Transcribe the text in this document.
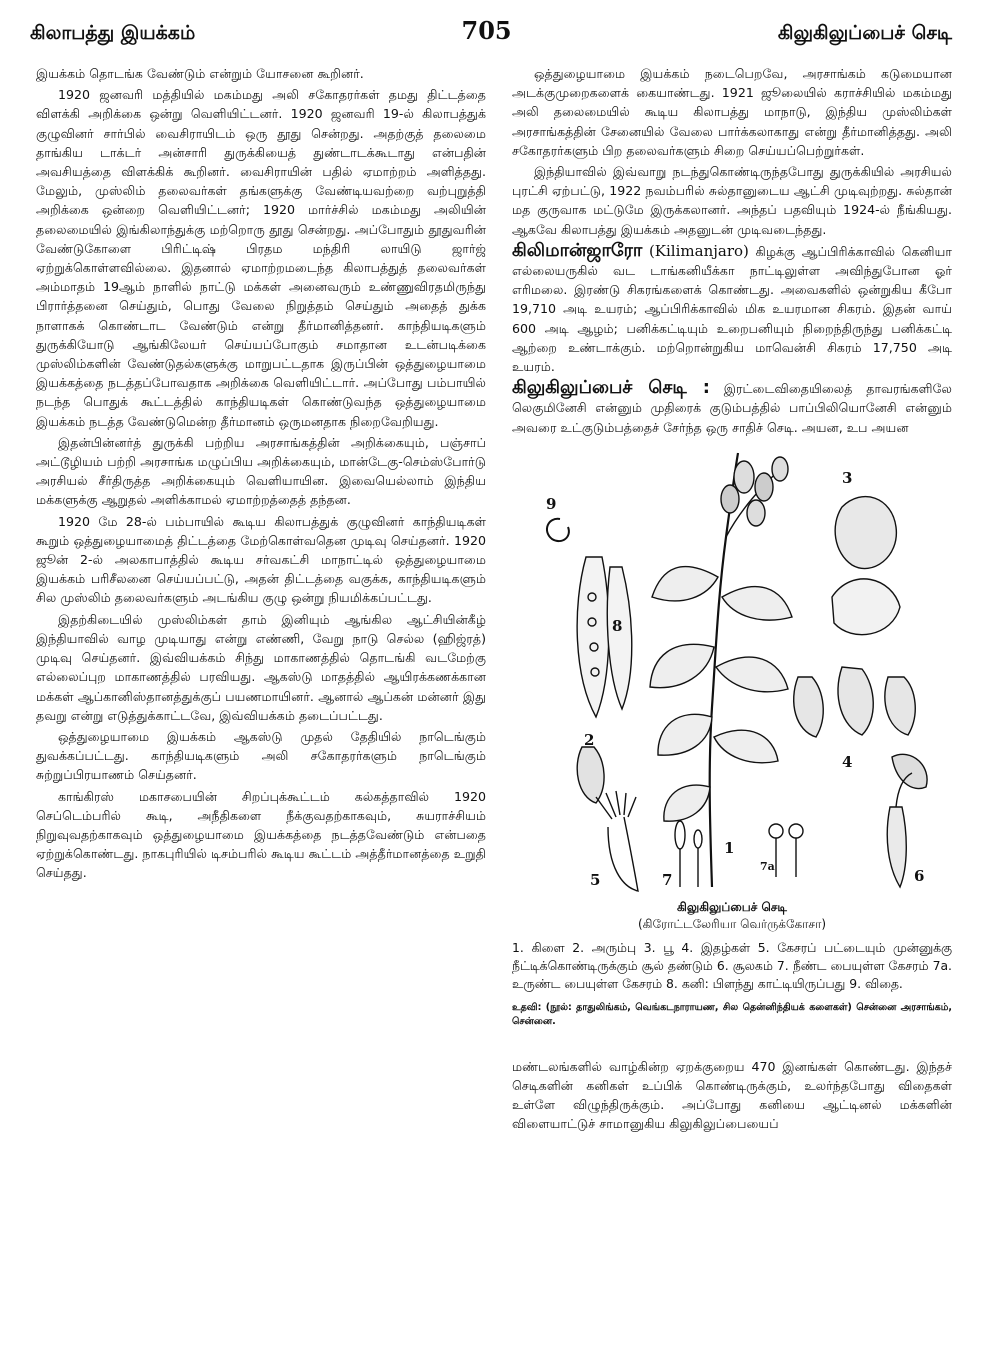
கிலாபத்து இயக்கம்	705	கிலுகிலுப்பைச் செடி

இயக்கம் தொடங்க வேண்டும் என்றும் யோசனை கூறினர்.

1920 ஜனவரி மத்தியில் மகம்மது அலி சகோதரர்கள் தமது திட்டத்தை விளக்கி அறிக்கை ஒன்று வெளியிட்டனர். 1920 ஜனவரி 19-ல் கிலாபத்துக் குழுவினர் சார்பில் வைசிராயிடம் ஒரு தூது சென்றது. அதற்குத் தலைமை தாங்கிய டாக்டர் அன்சாரி துருக்கியைத் துண்டாடக்கூடாது என்பதின் அவசியத்தை விளக்கிக் கூறினர். வைசிராயின் பதில் ஏமாற்றம் அளித்தது. மேலும், முஸ்லிம் தலைவர்கள் தங்களுக்கு வேண்டியவற்றை வற்புறுத்தி அறிக்கை ஒன்றை வெளியிட்டனர்; 1920 மார்ச்சில் மகம்மது அலியின் தலைமையில் இங்கிலாந்துக்கு மற்றொரு தூது சென்றது. அப்போதும் தூதுவரின் வேண்டுகோளை பிரிட்டிஷ் பிரதம மந்திரி லாயிடு ஜார்ஜ் ஏற்றுக்கொள்ளவில்லை. இதனால் ஏமாற்றமடைந்த கிலாபத்துத் தலைவர்கள் அம்மாதம் 19ஆம் நாளில் நாட்டு மக்கள் அனைவரும் உண்ணுவிரதமிருந்து பிரார்த்தனை செய்தும், பொது வேலை நிறுத்தம் செய்தும் அதைத் துக்க நாளாகக் கொண்டாட வேண்டும் என்று தீர்மானித்தனர். காந்தியடிகளும் துருக்கியோடு ஆங்கிலேயர் செய்யப்போகும் சமாதான உடன்படிக்கை முஸ்லிம்களின் வேண்டுதல்களுக்கு மாறுபட்டதாக இருப்பின் ஒத்துழையாமை இயக்கத்தை நடத்தப்போவதாக அறிக்கை வெளியிட்டார். அப்போது பம்பாயில் நடந்த பொதுக் கூட்டத்தில் காந்தியடிகள் கொண்டுவந்த ஒத்துழையாமை இயக்கம் நடத்த வேண்டுமென்ற தீர்மானம் ஒருமனதாக நிறைவேறியது.

இதன்பின்னர்த் துருக்கி பற்றிய அரசாங்கத்தின் அறிக்கையும், பஞ்சாப் அட்டூழியம் பற்றி அரசாங்க மழுப்பிய அறிக்கையும், மான்டேகு-செம்ஸ்போர்டு அரசியல் சீர்திருத்த அறிக்கையும் வெளியாயின. இவையெல்லாம் இந்திய மக்களுக்கு ஆறுதல் அளிக்காமல் ஏமாற்றத்தைத் தந்தன.

1920 மே 28-ல் பம்பாயில் கூடிய கிலாபத்துக் குழுவினர் காந்தியடிகள் கூறும் ஒத்துழையாமைத் திட்டத்தை மேற்கொள்வதென முடிவு செய்தனர். 1920 ஜூன் 2-ல் அலகாபாத்தில் கூடிய சர்வகட்சி மாநாட்டில் ஒத்துழையாமை இயக்கம் பரிசீலனை செய்யப்பட்டு, அதன் திட்டத்தை வகுக்க, காந்தியடிகளும் சில முஸ்லிம் தலைவர்களும் அடங்கிய குழு ஒன்று நியமிக்கப்பட்டது.

இதற்கிடையில் முஸ்லிம்கள் தாம் இனியும் ஆங்கில ஆட்சியின்கீழ் இந்தியாவில் வாழ முடியாது என்று எண்ணி, வேறு நாடு செல்ல (ஹிஜ்ரத்) முடிவு செய்தனர். இவ்வியக்கம் சிந்து மாகாணத்தில் தொடங்கி வடமேற்கு எல்லைப்புற மாகாணத்தில் பரவியது. ஆகஸ்டு மாதத்தில் ஆயிரக்கணக்கான மக்கள் ஆப்கானிஸ்தானத்துக்குப் பயணமாயினர். ஆனால் ஆப்கன் மன்னர் இது தவறு என்று எடுத்துக்காட்டவே, இவ்வியக்கம் தடைப்பட்டது.

ஒத்துழையாமை இயக்கம் ஆகஸ்டு முதல் தேதியில் நாடெங்கும் துவக்கப்பட்டது. காந்தியடிகளும் அலி சகோதரர்களும் நாடெங்கும் சுற்றுப்பிரயாணம் செய்தனர்.

காங்கிரஸ் மகாசபையின் சிறப்புக்கூட்டம் கல்கத்தாவில் 1920 செப்டெம்பரில் கூடி, அநீதிகளை நீக்குவதற்காகவும், சுயராச்சியம் நிறுவுவதற்காகவும் ஒத்துழையாமை இயக்கத்தை நடத்தவேண்டும் என்பதை ஏற்றுக்கொண்டது. நாகபுரியில் டிசம்பரில் கூடிய கூட்டம் அத்தீர்மானத்தை உறுதி செய்தது.

ஒத்துழையாமை இயக்கம் நடைபெறவே, அரசாங்கம் கடுமையான அடக்குமுறைகளைக் கையாண்டது. 1921 ஜூலையில் கராச்சியில் மகம்மது அலி தலைமையில் கூடிய கிலாபத்து மாநாடு, இந்திய முஸ்லிம்கள் அரசாங்கத்தின் சேனையில் வேலை பார்க்கலாகாது என்று தீர்மானித்தது. அலி சகோதரர்களும் பிற தலைவர்களும் சிறை செய்யப்பெற்றுர்கள்.

இந்தியாவில் இவ்வாறு நடந்துகொண்டிருந்தபோது துருக்கியில் அரசியல் புரட்சி ஏற்பட்டு, 1922 நவம்பரில் சுல்தானுடைய ஆட்சி முடிவுற்றது. சுல்தான் மத குருவாக மட்டுமே இருக்கலானர். அந்தப் பதவியும் 1924-ல் நீங்கியது. ஆகவே கிலாபத்து இயக்கம் அதனுடன் முடிவடைந்தது.

கிலிமான்ஜாரோ (Kilimanjaro) கிழக்கு ஆப்பிரிக்காவில் கெனியா எல்லையருகில் வட டாங்கனியீக்கா நாட்டிலுள்ள அவிந்துபோன ஓர் எரிமலை. இரண்டு சிகரங்களைக் கொண்டது. அவைகளில் ஒன்றுகிய கீபோ 19,710 அடி உயரம்; ஆப்பிரிக்காவில் மிக உயரமான சிகரம். இதன் வாய் 600 அடி ஆழம்; பனிக்கட்டியும் உறைபனியும் நிறைந்திருந்து பனிக்கட்டி ஆற்றை உண்டாக்கும். மற்றொன்றுகிய மாவென்சி சிகரம் 17,750 அடி உயரம்.

கிலுகிலுப்பைச் செடி : இரட்டைவிதையிலைத் தாவரங்களிலே லெகுமினேசி என்னும் முதிரைக் குடும்பத்தில் பாப்பிலியொனேசி என்னும் அவரை உட்குடும்பத்தைச் சேர்ந்த ஒரு சாதிச் செடி. அயன, உப அயன

9
3
8
2
4
1
5	7
7a
6
கிலுகிலுப்பைச் செடி
(கிரோட்டலேரியா வெர்ருக்கோசா)
1. கிளை 2. அரும்பு 3. பூ 4. இதழ்கள் 5. கேசரப் பட்டையும் முன்னுக்கு நீட்டிக்கொண்டிருக்கும் சூல் தண்டும் 6. சூலகம் 7. நீண்ட பையுள்ள கேசரம் 7a. உருண்ட பையுள்ள கேசரம் 8. கனி: பிளந்து காட்டியிருப்பது 9. விதை.
உதவி: (நூல்: தாதுலிங்கம், வெங்கடநாராயண, சில தென்னிந்தியக் களைகள்) சென்னை அரசாங்கம், சென்னை.

மண்டலங்களில் வாழ்கின்ற ஏறக்குறைய 470 இனங்கள் கொண்டது. இந்தச் செடிகளின் கனிகள் உப்பிக் கொண்டிருக்கும், உலர்ந்தபோது விதைகள் உள்ளே விழுந்திருக்கும். அப்போது கனியை ஆட்டினல் மக்களின் விளையாட்டுச் சாமானுகிய கிலுகிலுப்பையைப்
